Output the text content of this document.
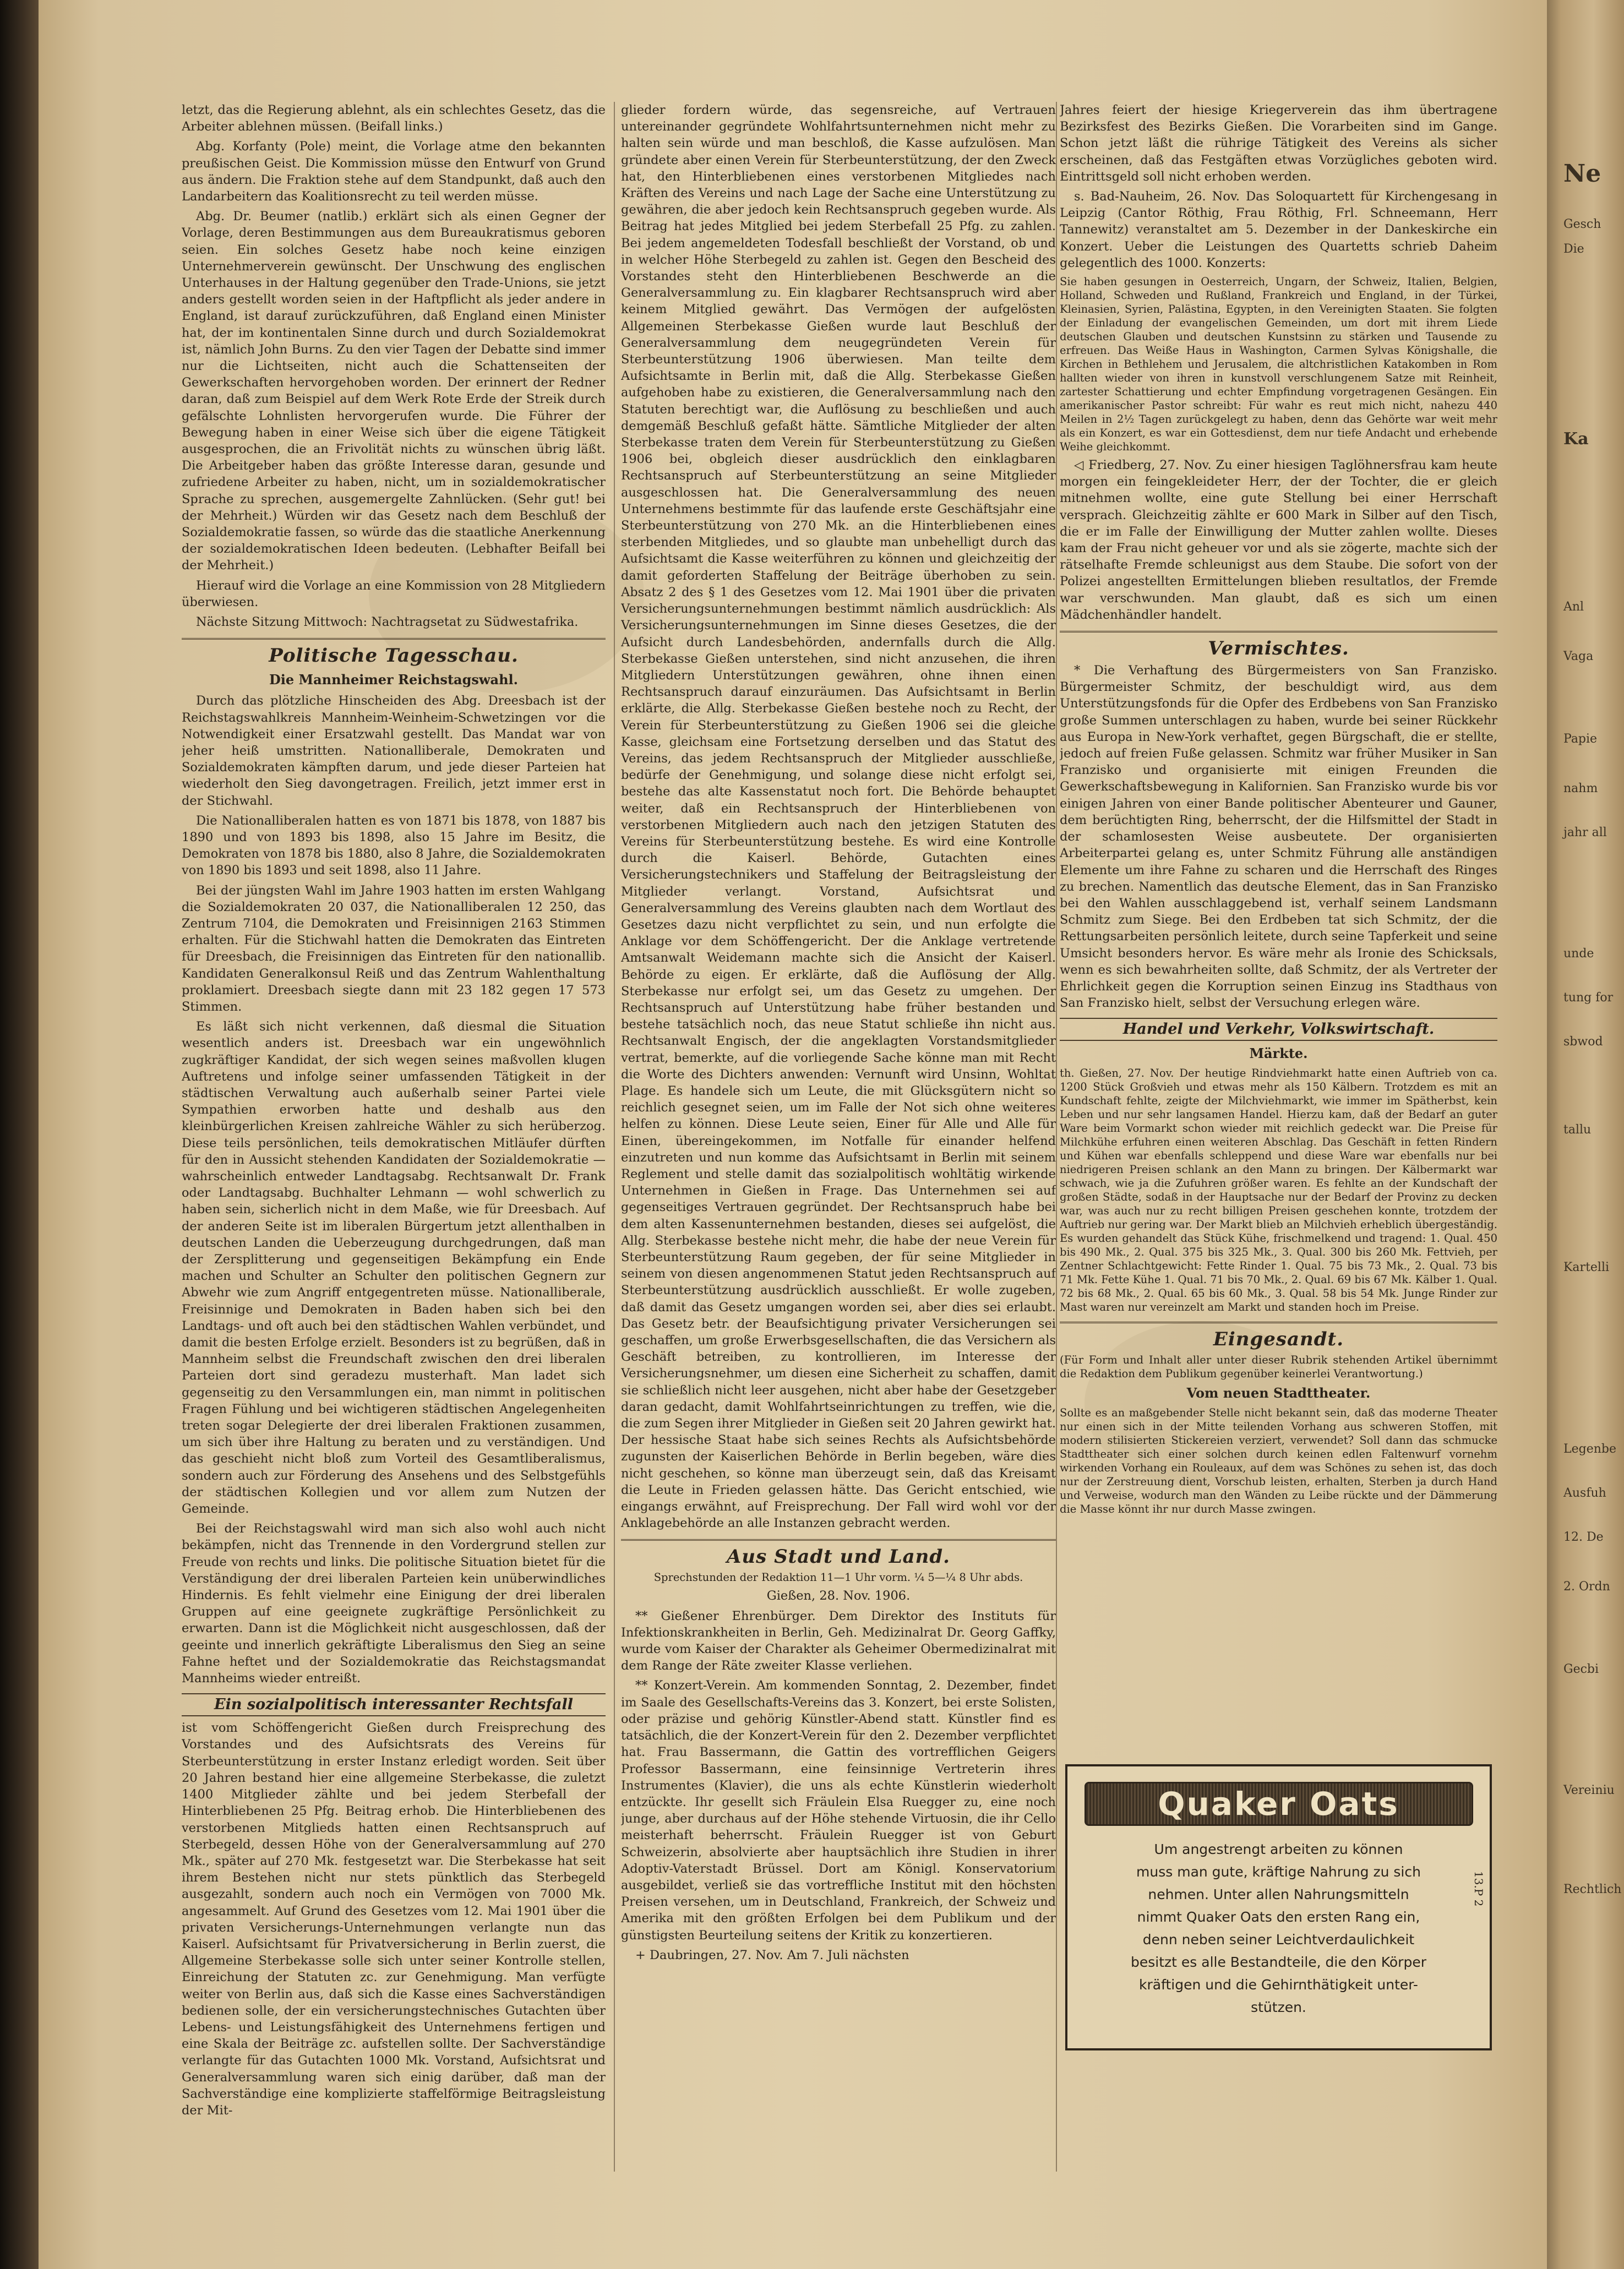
letzt, das die Regierung ablehnt, als ein schlechtes Gesetz, das die Arbeiter ablehnen müssen. (Beifall links.)

Abg. Korfanty (Pole) meint, die Vorlage atme den bekannten preußischen Geist. Die Kommission müsse den Entwurf von Grund aus ändern. Die Fraktion stehe auf dem Standpunkt, daß auch den Landarbeitern das Koalitionsrecht zu teil werden müsse.

Abg. Dr. Beumer (natlib.) erklärt sich als einen Gegner der Vorlage, deren Bestimmungen aus dem Bureaukratismus geboren seien. Ein solches Gesetz habe noch keine einzigen Unternehmerverein gewünscht. Der Unschwung des englischen Unterhauses in der Haltung gegenüber den Trade-Unions, sie jetzt anders gestellt worden seien in der Haftpflicht als jeder andere in England, ist darauf zurückzuführen, daß England einen Minister hat, der im kontinentalen Sinne durch und durch Sozialdemokrat ist, nämlich John Burns. Zu den vier Tagen der Debatte sind immer nur die Lichtseiten, nicht auch die Schattenseiten der Gewerkschaften hervorgehoben worden. Der erinnert der Redner daran, daß zum Beispiel auf dem Werk Rote Erde der Streik durch gefälschte Lohnlisten hervorgerufen wurde. Die Führer der Bewegung haben in einer Weise sich über die eigene Tätigkeit ausgesprochen, die an Frivolität nichts zu wünschen übrig läßt. Die Arbeitgeber haben das größte Interesse daran, gesunde und zufriedene Arbeiter zu haben, nicht, um in sozialdemokratischer Sprache zu sprechen, ausgemergelte Zahnlücken. (Sehr gut! bei der Mehrheit.) Würden wir das Gesetz nach dem Beschluß der Sozialdemokratie fassen, so würde das die staatliche Anerkennung der sozialdemokratischen Ideen bedeuten. (Lebhafter Beifall bei der Mehrheit.)

Hierauf wird die Vorlage an eine Kommission von 28 Mitgliedern überwiesen.

Nächste Sitzung Mittwoch: Nachtragsetat zu Südwestafrika.

Politische Tagesschau.
Die Mannheimer Reichstagswahl.

Durch das plötzliche Hinscheiden des Abg. Dreesbach ist der Reichstagswahlkreis Mannheim-Weinheim-Schwetzingen vor die Notwendigkeit einer Ersatzwahl gestellt. Das Mandat war von jeher heiß umstritten. Nationalliberale, Demokraten und Sozialdemokraten kämpften darum, und jede dieser Parteien hat wiederholt den Sieg davongetragen. Freilich, jetzt immer erst in der Stichwahl.

Die Nationalliberalen hatten es von 1871 bis 1878, von 1887 bis 1890 und von 1893 bis 1898, also 15 Jahre im Besitz, die Demokraten von 1878 bis 1880, also 8 Jahre, die Sozialdemokraten von 1890 bis 1893 und seit 1898, also 11 Jahre.

Bei der jüngsten Wahl im Jahre 1903 hatten im ersten Wahlgang die Sozialdemokraten 20 037, die Nationalliberalen 12 250, das Zentrum 7104, die Demokraten und Freisinnigen 2163 Stimmen erhalten. Für die Stichwahl hatten die Demokraten das Eintreten für Dreesbach, die Freisinnigen das Eintreten für den nationallib. Kandidaten Generalkonsul Reiß und das Zentrum Wahlenthaltung proklamiert. Dreesbach siegte dann mit 23 182 gegen 17 573 Stimmen.

Es läßt sich nicht verkennen, daß diesmal die Situation wesentlich anders ist. Dreesbach war ein ungewöhnlich zugkräftiger Kandidat, der sich wegen seines maßvollen klugen Auftretens und infolge seiner umfassenden Tätigkeit in der städtischen Verwaltung auch außerhalb seiner Partei viele Sympathien erworben hatte und deshalb aus den kleinbürgerlichen Kreisen zahlreiche Wähler zu sich herüberzog. Diese teils persönlichen, teils demokratischen Mitläufer dürften für den in Aussicht stehenden Kandidaten der Sozialdemokratie — wahrscheinlich entweder Landtagsabg. Rechtsanwalt Dr. Frank oder Landtagsabg. Buchhalter Lehmann — wohl schwerlich zu haben sein, sicherlich nicht in dem Maße, wie für Dreesbach. Auf der anderen Seite ist im liberalen Bürgertum jetzt allenthalben in deutschen Landen die Ueberzeugung durchgedrungen, daß man der Zersplitterung und gegenseitigen Bekämpfung ein Ende machen und Schulter an Schulter den politischen Gegnern zur Abwehr wie zum Angriff entgegentreten müsse. Nationalliberale, Freisinnige und Demokraten in Baden haben sich bei den Landtags- und oft auch bei den städtischen Wahlen verbündet, und damit die besten Erfolge erzielt. Besonders ist zu begrüßen, daß in Mannheim selbst die Freundschaft zwischen den drei liberalen Parteien dort sind geradezu musterhaft. Man ladet sich gegenseitig zu den Versammlungen ein, man nimmt in politischen Fragen Fühlung und bei wichtigeren städtischen Angelegenheiten treten sogar Delegierte der drei liberalen Fraktionen zusammen, um sich über ihre Haltung zu beraten und zu verständigen. Und das geschieht nicht bloß zum Vorteil des Gesamtliberalismus, sondern auch zur Förderung des Ansehens und des Selbstgefühls der städtischen Kollegien und vor allem zum Nutzen der Gemeinde.

Bei der Reichstagswahl wird man sich also wohl auch nicht bekämpfen, nicht das Trennende in den Vordergrund stellen zur Freude von rechts und links. Die politische Situation bietet für die Verständigung der drei liberalen Parteien kein unüberwindliches Hindernis. Es fehlt vielmehr eine Einigung der drei liberalen Gruppen auf eine geeignete zugkräftige Persönlichkeit zu erwarten. Dann ist die Möglichkeit nicht ausgeschlossen, daß der geeinte und innerlich gekräftigte Liberalismus den Sieg an seine Fahne heftet und der Sozialdemokratie das Reichstagsmandat Mannheims wieder entreißt.

Ein sozialpolitisch interessanter Rechtsfall

ist vom Schöffengericht Gießen durch Freisprechung des Vorstandes und des Aufsichtsrats des Vereins für Sterbeunterstützung in erster Instanz erledigt worden. Seit über 20 Jahren bestand hier eine allgemeine Sterbekasse, die zuletzt 1400 Mitglieder zählte und bei jedem Sterbefall der Hinterbliebenen 25 Pfg. Beitrag erhob. Die Hinterbliebenen des verstorbenen Mitglieds hatten einen Rechtsanspruch auf Sterbegeld, dessen Höhe von der Generalversammlung auf 270 Mk., später auf 270 Mk. festgesetzt war. Die Sterbekasse hat seit ihrem Bestehen nicht nur stets pünktlich das Sterbegeld ausgezahlt, sondern auch noch ein Vermögen von 7000 Mk. angesammelt. Auf Grund des Gesetzes vom 12. Mai 1901 über die privaten Versicherungs-Unternehmungen verlangte nun das Kaiserl. Aufsichtsamt für Privatversicherung in Berlin zuerst, die Allgemeine Sterbekasse solle sich unter seiner Kontrolle stellen, Einreichung der Statuten zc. zur Genehmigung. Man verfügte weiter von Berlin aus, daß sich die Kasse eines Sachverständigen bedienen solle, der ein versicherungstechnisches Gutachten über Lebens- und Leistungsfähigkeit des Unternehmens fertigen und eine Skala der Beiträge zc. aufstellen sollte. Der Sachverständige verlangte für das Gutachten 1000 Mk. Vorstand, Aufsichtsrat und Generalversammlung waren sich einig darüber, daß man der Sachverständige eine komplizierte staffelförmige Beitragsleistung der Mit-

glieder fordern würde, das segensreiche, auf Vertrauen untereinander gegründete Wohlfahrtsunternehmen nicht mehr zu halten sein würde und man beschloß, die Kasse aufzulösen. Man gründete aber einen Verein für Sterbeunterstützung, der den Zweck hat, den Hinterbliebenen eines verstorbenen Mitgliedes nach Kräften des Vereins und nach Lage der Sache eine Unterstützung zu gewähren, die aber jedoch kein Rechtsanspruch gegeben wurde. Als Beitrag hat jedes Mitglied bei jedem Sterbefall 25 Pfg. zu zahlen. Bei jedem angemeldeten Todesfall beschließt der Vorstand, ob und in welcher Höhe Sterbegeld zu zahlen ist. Gegen den Bescheid des Vorstandes steht den Hinterbliebenen Beschwerde an die Generalversammlung zu. Ein klagbarer Rechtsanspruch wird aber keinem Mitglied gewährt. Das Vermögen der aufgelösten Allgemeinen Sterbekasse Gießen wurde laut Beschluß der Generalversammlung dem neugegründeten Verein für Sterbeunterstützung 1906 überwiesen. Man teilte dem Aufsichtsamte in Berlin mit, daß die Allg. Sterbekasse Gießen aufgehoben habe zu existieren, die Generalversammlung nach den Statuten berechtigt war, die Auflösung zu beschließen und auch demgemäß Beschluß gefaßt hätte. Sämtliche Mitglieder der alten Sterbekasse traten dem Verein für Sterbeunterstützung zu Gießen 1906 bei, obgleich dieser ausdrücklich den einklagbaren Rechtsanspruch auf Sterbeunterstützung an seine Mitglieder ausgeschlossen hat. Die Generalversammlung des neuen Unternehmens bestimmte für das laufende erste Geschäftsjahr eine Sterbeunterstützung von 270 Mk. an die Hinterbliebenen eines sterbenden Mitgliedes, und so glaubte man unbehelligt durch das Aufsichtsamt die Kasse weiterführen zu können und gleichzeitig der damit geforderten Staffelung der Beiträge überhoben zu sein. Absatz 2 des § 1 des Gesetzes vom 12. Mai 1901 über die privaten Versicherungsunternehmungen bestimmt nämlich ausdrücklich: Als Versicherungsunternehmungen im Sinne dieses Gesetzes, die der Aufsicht durch Landesbehörden, andernfalls durch die Allg. Sterbekasse Gießen unterstehen, sind nicht anzusehen, die ihren Mitgliedern Unterstützungen gewähren, ohne ihnen einen Rechtsanspruch darauf einzuräumen. Das Aufsichtsamt in Berlin erklärte, die Allg. Sterbekasse Gießen bestehe noch zu Recht, der Verein für Sterbeunterstützung zu Gießen 1906 sei die gleiche Kasse, gleichsam eine Fortsetzung derselben und das Statut des Vereins, das jedem Rechtsanspruch der Mitglieder ausschließe, bedürfe der Genehmigung, und solange diese nicht erfolgt sei, bestehe das alte Kassenstatut noch fort. Die Behörde behauptet weiter, daß ein Rechtsanspruch der Hinterbliebenen von verstorbenen Mitgliedern auch nach den jetzigen Statuten des Vereins für Sterbeunterstützung bestehe. Es wird eine Kontrolle durch die Kaiserl. Behörde, Gutachten eines Versicherungstechnikers und Staffelung der Beitragsleistung der Mitglieder verlangt. Vorstand, Aufsichtsrat und Generalversammlung des Vereins glaubten nach dem Wortlaut des Gesetzes dazu nicht verpflichtet zu sein, und nun erfolgte die Anklage vor dem Schöffengericht. Der die Anklage vertretende Amtsanwalt Weidemann machte sich die Ansicht der Kaiserl. Behörde zu eigen. Er erklärte, daß die Auflösung der Allg. Sterbekasse nur erfolgt sei, um das Gesetz zu umgehen. Der Rechtsanspruch auf Unterstützung habe früher bestanden und bestehe tatsächlich noch, das neue Statut schließe ihn nicht aus. Rechtsanwalt Engisch, der die angeklagten Vorstandsmitglieder vertrat, bemerkte, auf die vorliegende Sache könne man mit Recht die Worte des Dichters anwenden: Vernunft wird Unsinn, Wohltat Plage. Es handele sich um Leute, die mit Glücksgütern nicht so reichlich gesegnet seien, um im Falle der Not sich ohne weiteres helfen zu können. Diese Leute seien, Einer für Alle und Alle für Einen, übereingekommen, im Notfalle für einander helfend einzutreten und nun komme das Aufsichtsamt in Berlin mit seinem Reglement und stelle damit das sozialpolitisch wohltätig wirkende Unternehmen in Gießen in Frage. Das Unternehmen sei auf gegenseitiges Vertrauen gegründet. Der Rechtsanspruch habe bei dem alten Kassenunternehmen bestanden, dieses sei aufgelöst, die Allg. Sterbekasse bestehe nicht mehr, die habe der neue Verein für Sterbeunterstützung Raum gegeben, der für seine Mitglieder in seinem von diesen angenommenen Statut jeden Rechtsanspruch auf Sterbeunterstützung ausdrücklich ausschließt. Er wolle zugeben, daß damit das Gesetz umgangen worden sei, aber dies sei erlaubt. Das Gesetz betr. der Beaufsichtigung privater Versicherungen sei geschaffen, um große Erwerbsgesellschaften, die das Versichern als Geschäft betreiben, zu kontrollieren, im Interesse der Versicherungsnehmer, um diesen eine Sicherheit zu schaffen, damit sie schließlich nicht leer ausgehen, nicht aber habe der Gesetzgeber daran gedacht, damit Wohlfahrtseinrichtungen zu treffen, wie die, die zum Segen ihrer Mitglieder in Gießen seit 20 Jahren gewirkt hat. Der hessische Staat habe sich seines Rechts als Aufsichtsbehörde zugunsten der Kaiserlichen Behörde in Berlin begeben, wäre dies nicht geschehen, so könne man überzeugt sein, daß das Kreisamt die Leute in Frieden gelassen hätte. Das Gericht entschied, wie eingangs erwähnt, auf Freisprechung. Der Fall wird wohl vor der Anklagebehörde an alle Instanzen gebracht werden.

Aus Stadt und Land.

Sprechstunden der Redaktion 11—1 Uhr vorm. ¼ 5—¼ 8 Uhr abds.

Gießen, 28. Nov. 1906.

** Gießener Ehrenbürger. Dem Direktor des Instituts für Infektionskrankheiten in Berlin, Geh. Medizinalrat Dr. Georg Gaffky, wurde vom Kaiser der Charakter als Geheimer Obermedizinalrat mit dem Range der Räte zweiter Klasse verliehen.

** Konzert-Verein. Am kommenden Sonntag, 2. Dezember, findet im Saale des Gesellschafts-Vereins das 3. Konzert, bei erste Solisten, oder präzise und gehörig Künstler-Abend statt. Künstler find es tatsächlich, die der Konzert-Verein für den 2. Dezember verpflichtet hat. Frau Bassermann, die Gattin des vortrefflichen Geigers Professor Bassermann, eine feinsinnige Vertreterin ihres Instrumentes (Klavier), die uns als echte Künstlerin wiederholt entzückte. Ihr gesellt sich Fräulein Elsa Ruegger zu, eine noch junge, aber durchaus auf der Höhe stehende Virtuosin, die ihr Cello meisterhaft beherrscht. Fräulein Ruegger ist von Geburt Schweizerin, absolvierte aber hauptsächlich ihre Studien in ihrer Adoptiv-Vaterstadt Brüssel. Dort am Königl. Konservatorium ausgebildet, verließ sie das vortreffliche Institut mit den höchsten Preisen versehen, um in Deutschland, Frankreich, der Schweiz und Amerika mit den größten Erfolgen bei dem Publikum und der günstigsten Beurteilung seitens der Kritik zu konzertieren.

+ Daubringen, 27. Nov. Am 7. Juli nächsten

Jahres feiert der hiesige Kriegerverein das ihm übertragene Bezirksfest des Bezirks Gießen. Die Vorarbeiten sind im Gange. Schon jetzt läßt die rührige Tätigkeit des Vereins als sicher erscheinen, daß das Festgäften etwas Vorzügliches geboten wird. Eintrittsgeld soll nicht erhoben werden.

s. Bad-Nauheim, 26. Nov. Das Soloquartett für Kirchengesang in Leipzig (Cantor Röthig, Frau Röthig, Frl. Schneemann, Herr Tannewitz) veranstaltet am 5. Dezember in der Dankeskirche ein Konzert. Ueber die Leistungen des Quartetts schrieb Daheim gelegentlich des 1000. Konzerts:

Sie haben gesungen in Oesterreich, Ungarn, der Schweiz, Italien, Belgien, Holland, Schweden und Rußland, Frankreich und England, in der Türkei, Kleinasien, Syrien, Palästina, Egypten, in den Vereinigten Staaten. Sie folgten der Einladung der evangelischen Gemeinden, um dort mit ihrem Liede deutschen Glauben und deutschen Kunstsinn zu stärken und Tausende zu erfreuen. Das Weiße Haus in Washington, Carmen Sylvas Königshalle, die Kirchen in Bethlehem und Jerusalem, die altchristlichen Katakomben in Rom hallten wieder von ihren in kunstvoll verschlungenem Satze mit Reinheit, zartester Schattierung und echter Empfindung vorgetragenen Gesängen. Ein amerikanischer Pastor schreibt: Für wahr es reut mich nicht, nahezu 440 Meilen in 2½ Tagen zurückgelegt zu haben, denn das Gehörte war weit mehr als ein Konzert, es war ein Gottesdienst, dem nur tiefe Andacht und erhebende Weihe gleichkommt.

◁ Friedberg, 27. Nov. Zu einer hiesigen Taglöhnersfrau kam heute morgen ein feingekleideter Herr, der der Tochter, die er gleich mitnehmen wollte, eine gute Stellung bei einer Herrschaft versprach. Gleichzeitig zählte er 600 Mark in Silber auf den Tisch, die er im Falle der Einwilligung der Mutter zahlen wollte. Dieses kam der Frau nicht geheuer vor und als sie zögerte, machte sich der rätselhafte Fremde schleunigst aus dem Staube. Die sofort von der Polizei angestellten Ermittelungen blieben resultatlos, der Fremde war verschwunden. Man glaubt, daß es sich um einen Mädchenhändler handelt.

Vermischtes.

* Die Verhaftung des Bürgermeisters von San Franzisko. Bürgermeister Schmitz, der beschuldigt wird, aus dem Unterstützungsfonds für die Opfer des Erdbebens von San Franzisko große Summen unterschlagen zu haben, wurde bei seiner Rückkehr aus Europa in New-York verhaftet, gegen Bürgschaft, die er stellte, jedoch auf freien Fuße gelassen. Schmitz war früher Musiker in San Franzisko und organisierte mit einigen Freunden die Gewerkschaftsbewegung in Kalifornien. San Franzisko wurde bis vor einigen Jahren von einer Bande politischer Abenteurer und Gauner, dem berüchtigten Ring, beherrscht, der die Hilfsmittel der Stadt in der schamlosesten Weise ausbeutete. Der organisierten Arbeiterpartei gelang es, unter Schmitz Führung alle anständigen Elemente um ihre Fahne zu scharen und die Herrschaft des Ringes zu brechen. Namentlich das deutsche Element, das in San Franzisko bei den Wahlen ausschlaggebend ist, verhalf seinem Landsmann Schmitz zum Siege. Bei den Erdbeben tat sich Schmitz, der die Rettungsarbeiten persönlich leitete, durch seine Tapferkeit und seine Umsicht besonders hervor. Es wäre mehr als Ironie des Schicksals, wenn es sich bewahrheiten sollte, daß Schmitz, der als Vertreter der Ehrlichkeit gegen die Korruption seinen Einzug ins Stadthaus von San Franzisko hielt, selbst der Versuchung erlegen wäre.

Handel und Verkehr, Volkswirtschaft.
Märkte.

th. Gießen, 27. Nov. Der heutige Rindviehmarkt hatte einen Auftrieb von ca. 1200 Stück Großvieh und etwas mehr als 150 Kälbern. Trotzdem es mit an Kundschaft fehlte, zeigte der Milchviehmarkt, wie immer im Spätherbst, kein Leben und nur sehr langsamen Handel. Hierzu kam, daß der Bedarf an guter Ware beim Vormarkt schon wieder mit reichlich gedeckt war. Die Preise für Milchkühe erfuhren einen weiteren Abschlag. Das Geschäft in fetten Rindern und Kühen war ebenfalls schleppend und diese Ware war ebenfalls nur bei niedrigeren Preisen schlank an den Mann zu bringen. Der Kälbermarkt war schwach, wie ja die Zufuhren größer waren. Es fehlte an der Kundschaft der großen Städte, sodaß in der Hauptsache nur der Bedarf der Provinz zu decken war, was auch nur zu recht billigen Preisen geschehen konnte, trotzdem der Auftrieb nur gering war. Der Markt blieb an Milchvieh erheblich übergeständig. Es wurden gehandelt das Stück Kühe, frischmelkend und tragend: 1. Qual. 450 bis 490 Mk., 2. Qual. 375 bis 325 Mk., 3. Qual. 300 bis 260 Mk. Fettvieh, per Zentner Schlachtgewicht: Fette Rinder 1. Qual. 75 bis 73 Mk., 2. Qual. 73 bis 71 Mk. Fette Kühe 1. Qual. 71 bis 70 Mk., 2. Qual. 69 bis 67 Mk. Kälber 1. Qual. 72 bis 68 Mk., 2. Qual. 65 bis 60 Mk., 3. Qual. 58 bis 54 Mk. Junge Rinder zur Mast waren nur vereinzelt am Markt und standen hoch im Preise.

Eingesandt.

(Für Form und Inhalt aller unter dieser Rubrik stehenden Artikel übernimmt die Redaktion dem Publikum gegenüber keinerlei Verantwortung.)

Vom neuen Stadttheater.

Sollte es an maßgebender Stelle nicht bekannt sein, daß das moderne Theater nur einen sich in der Mitte teilenden Vorhang aus schweren Stoffen, mit modern stilisierten Stickereien verziert, verwendet? Soll dann das schmucke Stadttheater sich einer solchen durch keinen edlen Faltenwurf vornehm wirkenden Vorhang ein Rouleaux, auf dem was Schönes zu sehen ist, das doch nur der Zerstreuung dient, Vorschub leisten, erhalten, Sterben ja durch Hand und Verweise, wodurch man den Wänden zu Leibe rückte und der Dämmerung die Masse könnt ihr nur durch Masse zwingen.

Quaker Oats
Um angestrengt arbeiten zu können
muss man gute, kräftige Nahrung zu sich
nehmen. Unter allen Nahrungsmitteln
nimmt Quaker Oats den ersten Rang ein,
denn neben seiner Leichtverdaulichkeit
besitzt es alle Bestandteile, die den Körper
kräftigen und die Gehirnthätigkeit unter-
stützen.
13.P 2
Ne
Gesch
Die
Ka
Anl
Vaga
Papie
nahm
jahr all
unde
tung for
sbwod
tallu
Kartelli
Legenbe
Ausfuh
12. De
2. Ordn
Gecbi
Vereiniu
Rechtlich
